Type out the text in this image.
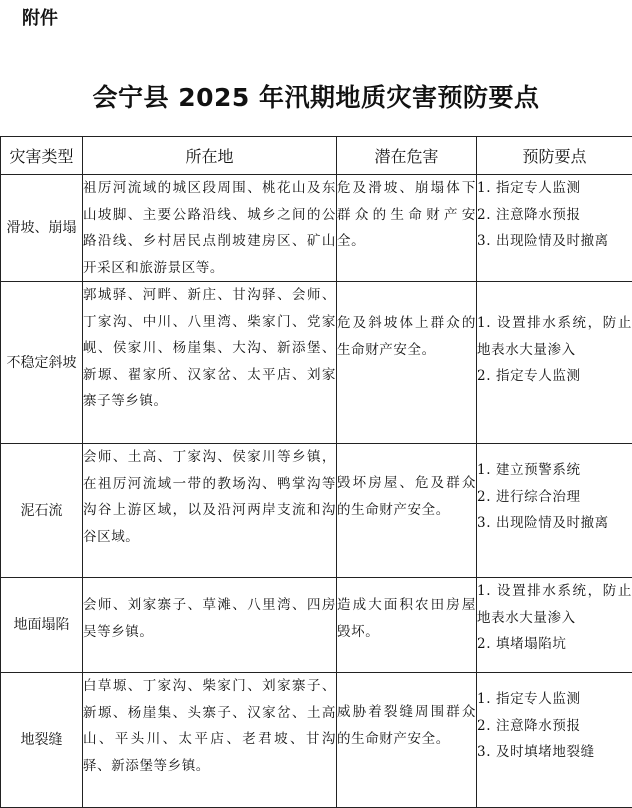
附件
会宁县 2025 年汛期地质灾害预防要点
灾害类型	所在地	潜在危害	预防要点
滑坡、崩塌	祖厉河流域的城区段周围、桃花山及东山坡脚、主要公路沿线、城乡之间的公路沿线、乡村居民点削坡建房区、矿山开采区和旅游景区等。	危及滑坡、崩塌体下群众的生命财产安全。	1. 指定专人监测
2. 注意降水预报
3. 出现险情及时撤离

不稳定斜坡	郭城驿、河畔、新庄、甘沟驿、会师、丁家沟、中川、八里湾、柴家门、党家岘、侯家川、杨崖集、大沟、新添堡、新塬、翟家所、汉家岔、太平店、刘家寨子等乡镇。	危及斜坡体上群众的生命财产安全。	1. 设置排水系统，防止地表水大量渗入
2. 指定专人监测

泥石流	会师、土高、丁家沟、侯家川等乡镇，在祖厉河流域一带的教场沟、鸭掌沟等沟谷上游区域，以及沿河两岸支流和沟谷区域。	毁坏房屋、危及群众的生命财产安全。	1. 建立预警系统
2. 进行综合治理
3. 出现险情及时撤离

地面塌陷	会师、刘家寨子、草滩、八里湾、四房吴等乡镇。	造成大面积农田房屋毁坏。	1. 设置排水系统，防止地表水大量渗入
2. 填堵塌陷坑

地裂缝	白草塬、丁家沟、柴家门、刘家寨子、新塬、杨崖集、头寨子、汉家岔、土高山、平头川、太平店、老君坡、甘沟驿、新添堡等乡镇。	威胁着裂缝周围群众的生命财产安全。	1. 指定专人监测
2. 注意降水预报
3. 及时填堵地裂缝
